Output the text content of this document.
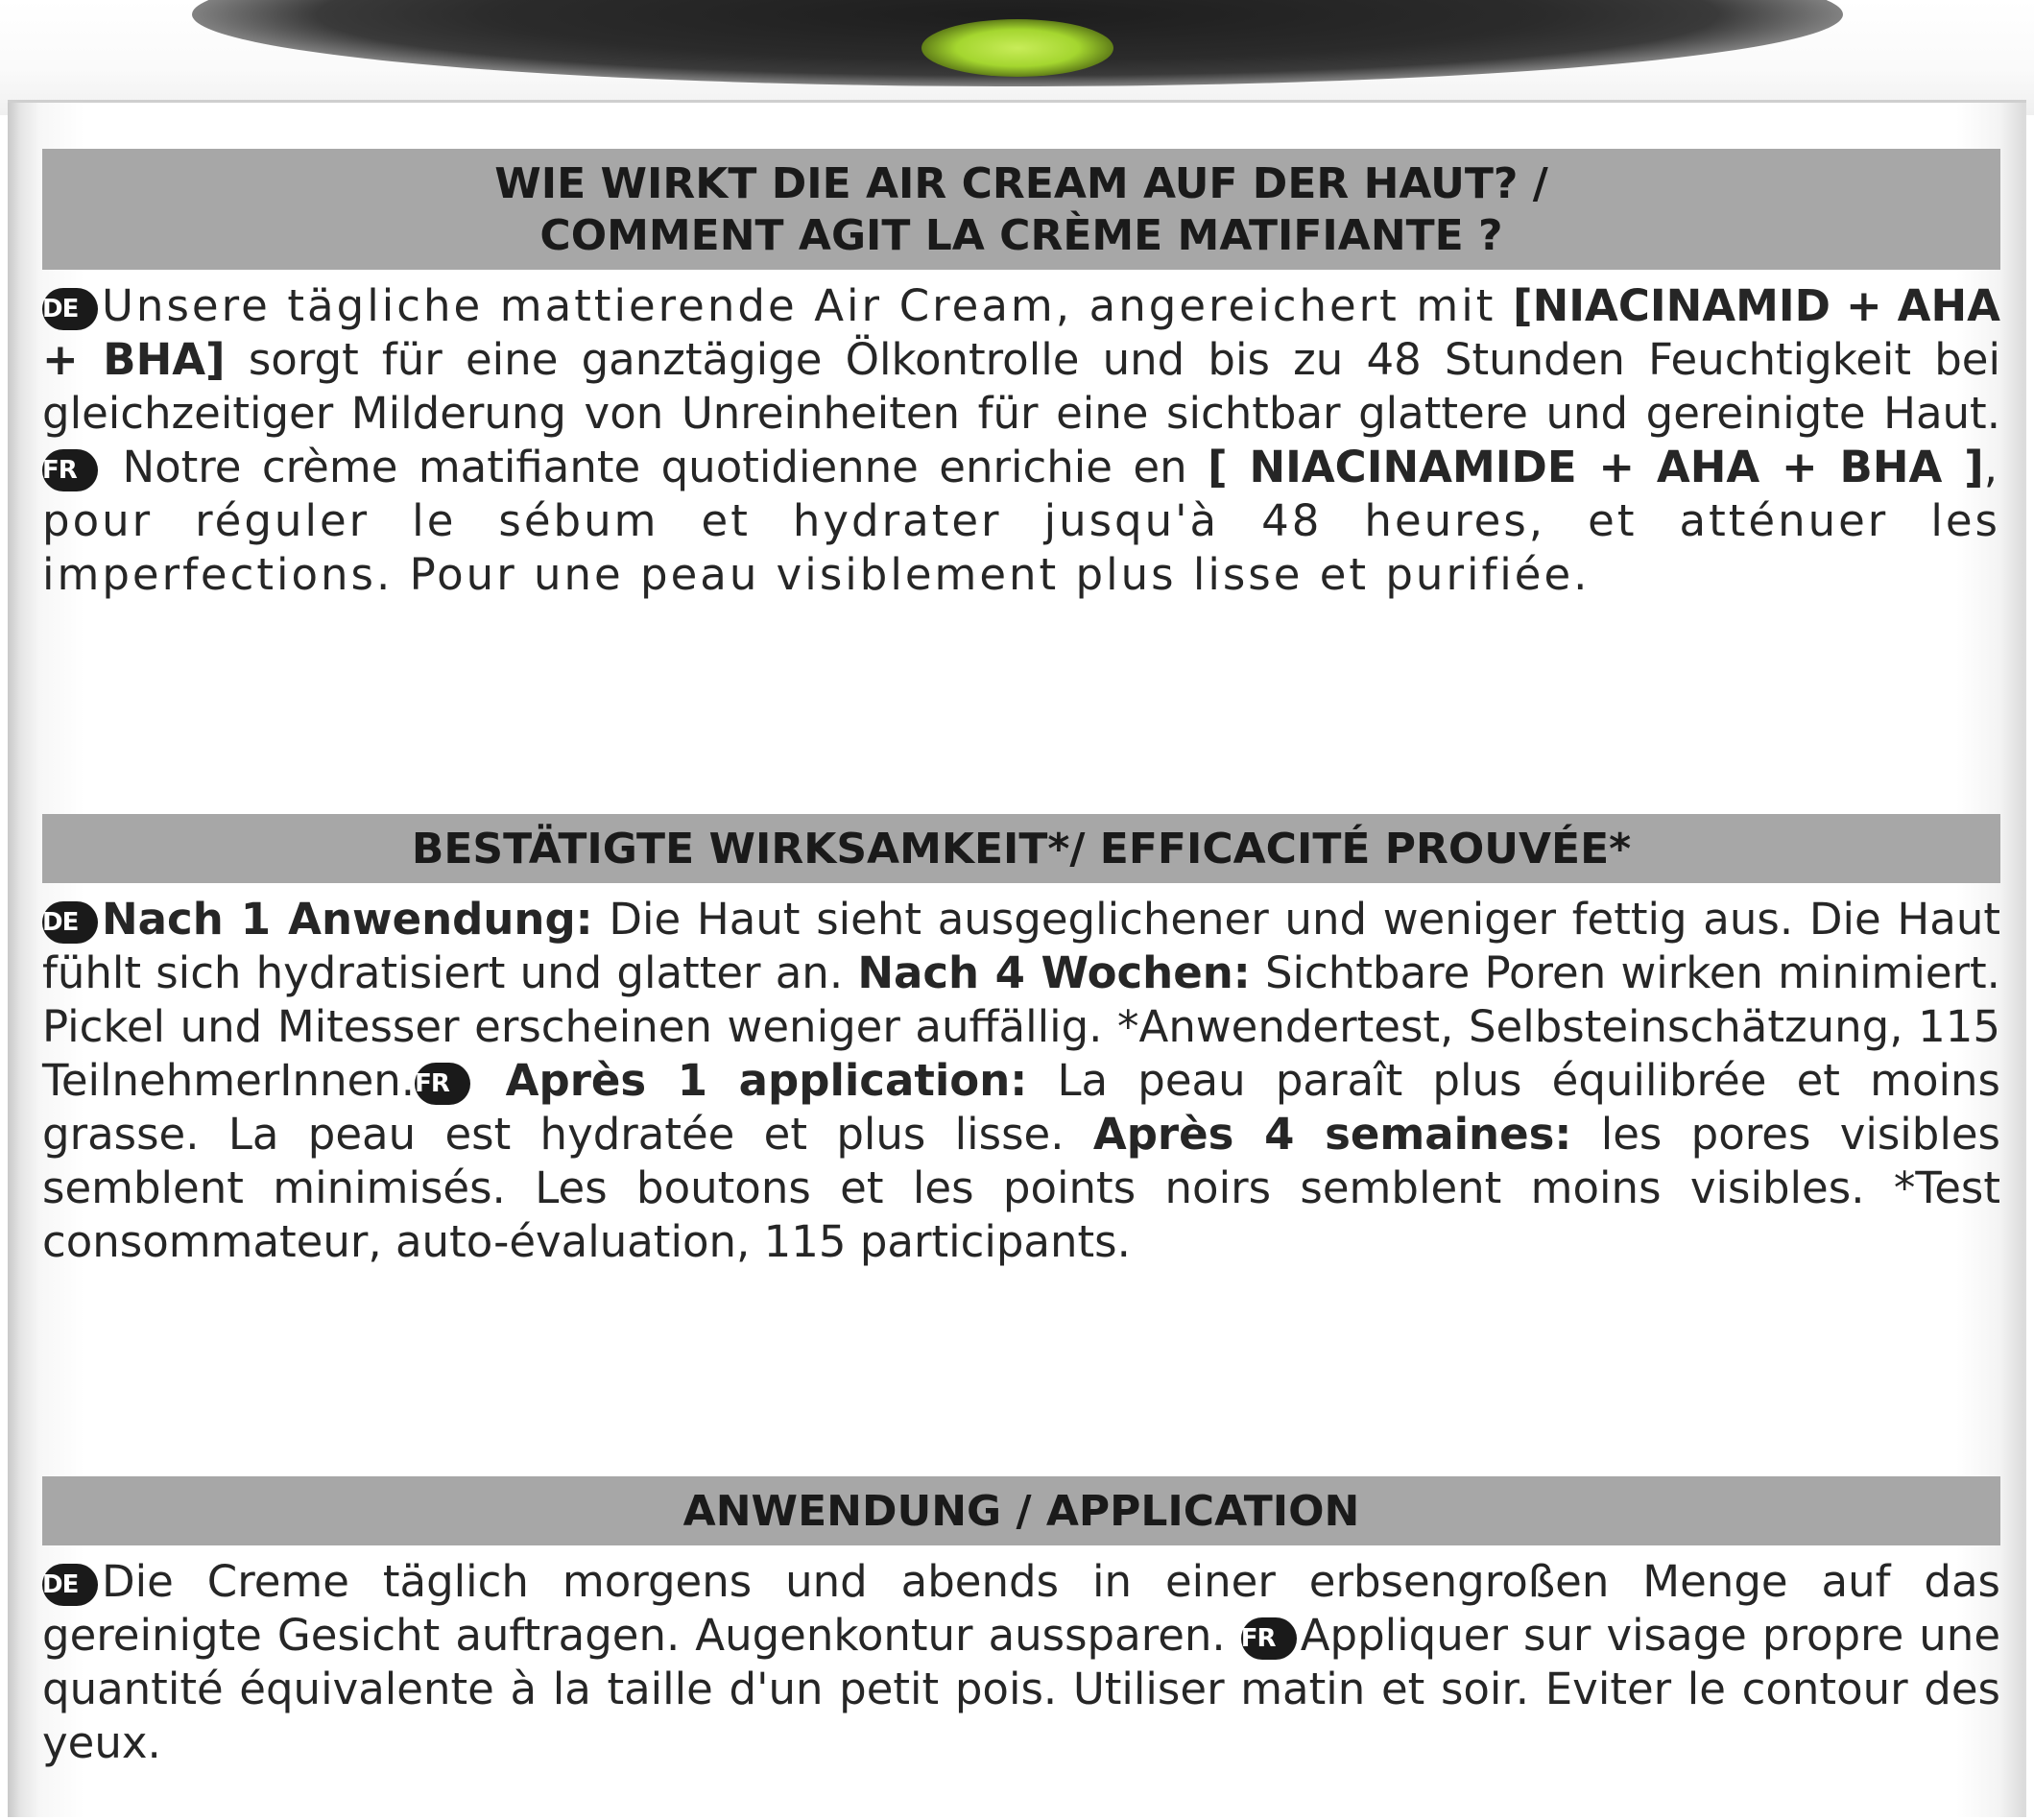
WIE WIRKT DIE AIR CREAM AUF DER HAUT? /
COMMENT AGIT LA CRÈME MATIFIANTE ?
DE Unsere tägliche mattierende Air Cream, angereichert mit [NIACINAMID + AHA + BHA] sorgt für eine ganztägige Ölkontrolle und bis zu 48 Stunden Feuchtigkeit bei gleichzeitiger Milderung von Unreinheiten für eine sichtbar glattere und gereinigte Haut. FR Notre crème matifiante quotidienne enrichie en [ NIACINAMIDE + AHA + BHA ], pour réguler le sébum et hydrater jusqu'à 48 heures, et atténuer les imperfections. Pour une peau visiblement plus lisse et purifiée.
BESTÄTIGTE WIRKSAMKEIT*/ EFFICACITÉ PROUVÉE*
DE Nach 1 Anwendung: Die Haut sieht ausgeglichener und weniger fettig aus. Die Haut fühlt sich hydratisiert und glatter an. Nach 4 Wochen: Sichtbare Poren wirken minimiert. Pickel und Mitesser erscheinen weniger auffällig. *Anwendertest, Selbsteinschätzung, 115 TeilnehmerInnen.FR Après 1 application: La peau paraît plus équilibrée et moins grasse. La peau est hydratée et plus lisse. Après 4 semaines: les pores visibles semblent minimisés. Les boutons et les points noirs semblent moins visibles. *Test consommateur, auto-évaluation, 115 participants.
ANWENDUNG / APPLICATION
DE Die Creme täglich morgens und abends in einer erbsengroßen Menge auf das gereinigte Gesicht auftragen. Augenkontur aussparen. FR Appliquer sur visage propre une quantité équivalente à la taille d'un petit pois. Utiliser matin et soir. Eviter le contour des yeux.
